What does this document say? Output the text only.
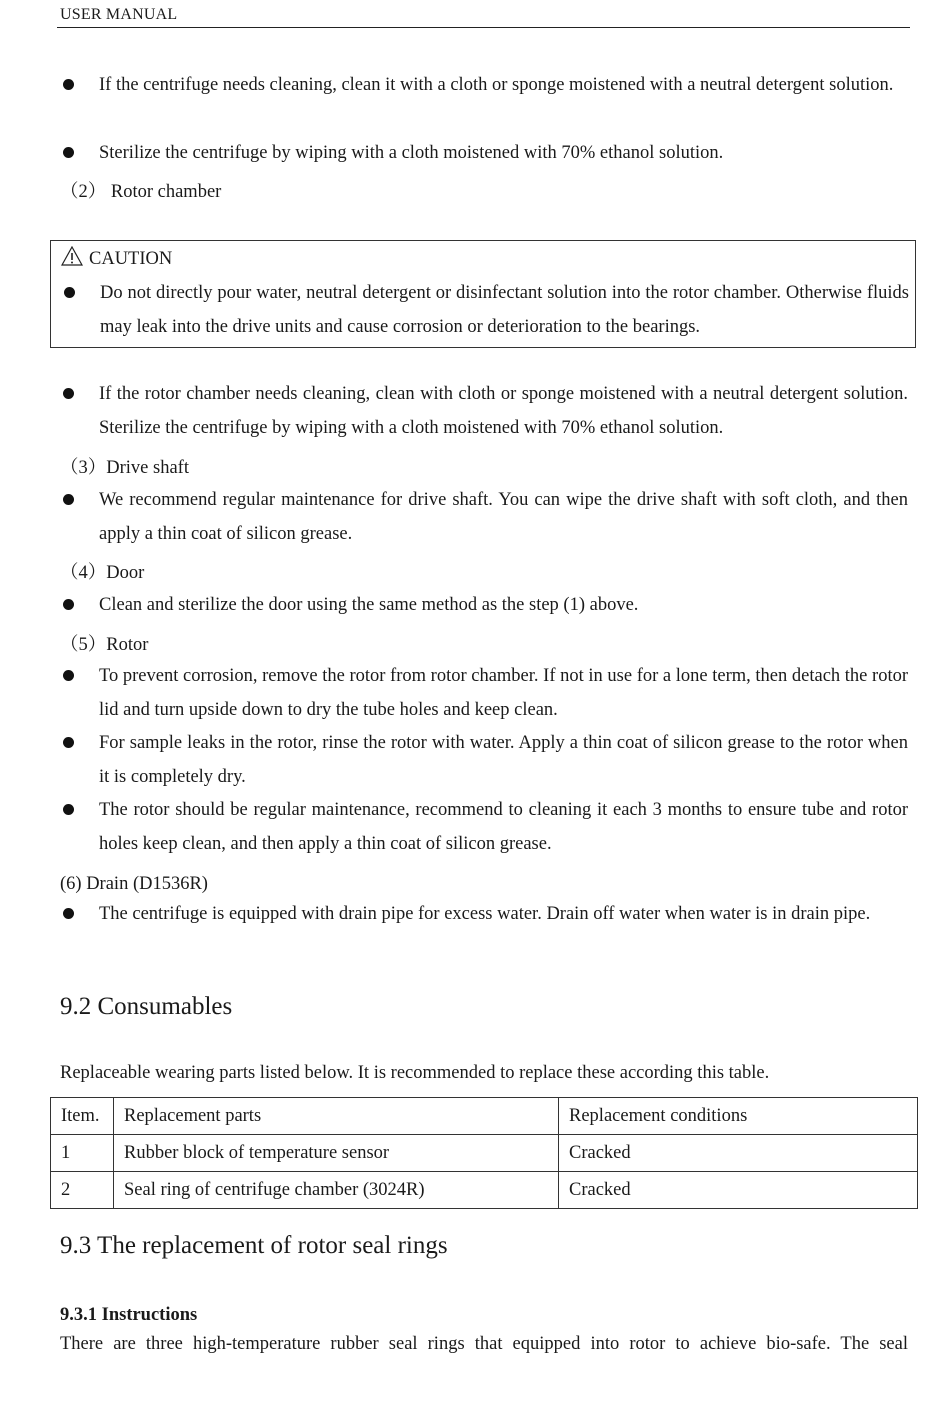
USER MANUAL
If the centrifuge needs cleaning, clean it with a cloth or sponge moistened with a neutral detergent solution.
Sterilize the centrifuge by wiping with a cloth moistened with 70% ethanol solution.
（2） Rotor chamber
CAUTION
Do not directly pour water, neutral detergent or disinfectant solution into the rotor chamber. Otherwise fluids may leak into the drive units and cause corrosion or deterioration to the bearings.
If the rotor chamber needs cleaning, clean with cloth or sponge moistened with a neutral detergent solution. Sterilize the centrifuge by wiping with a cloth moistened with 70% ethanol solution.
（3）Drive shaft
We recommend regular maintenance for drive shaft. You can wipe the drive shaft with soft cloth, and then apply a thin coat of silicon grease.
（4）Door
Clean and sterilize the door using the same method as the step (1) above.
（5）Rotor
To prevent corrosion, remove the rotor from rotor chamber. If not in use for a lone term, then detach the rotor lid and turn upside down to dry the tube holes and keep clean.
For sample leaks in the rotor, rinse the rotor with water. Apply a thin coat of silicon grease to the rotor when it is completely dry.
The rotor should be regular maintenance, recommend to cleaning it each 3 months to ensure tube and rotor holes keep clean, and then apply a thin coat of silicon grease.
(6) Drain (D1536R)
The centrifuge is equipped with drain pipe for excess water. Drain off water when water is in drain pipe.
9.2 Consumables
Replaceable wearing parts listed below. It is recommended to replace these according this table.
Item.	Replacement parts	Replacement conditions
1	Rubber block of temperature sensor	Cracked
2	Seal ring of centrifuge chamber (3024R)	Cracked
9.3 The replacement of rotor seal rings
9.3.1 Instructions
There are three high-temperature rubber seal rings that equipped into rotor to achieve bio-safe. The seal
